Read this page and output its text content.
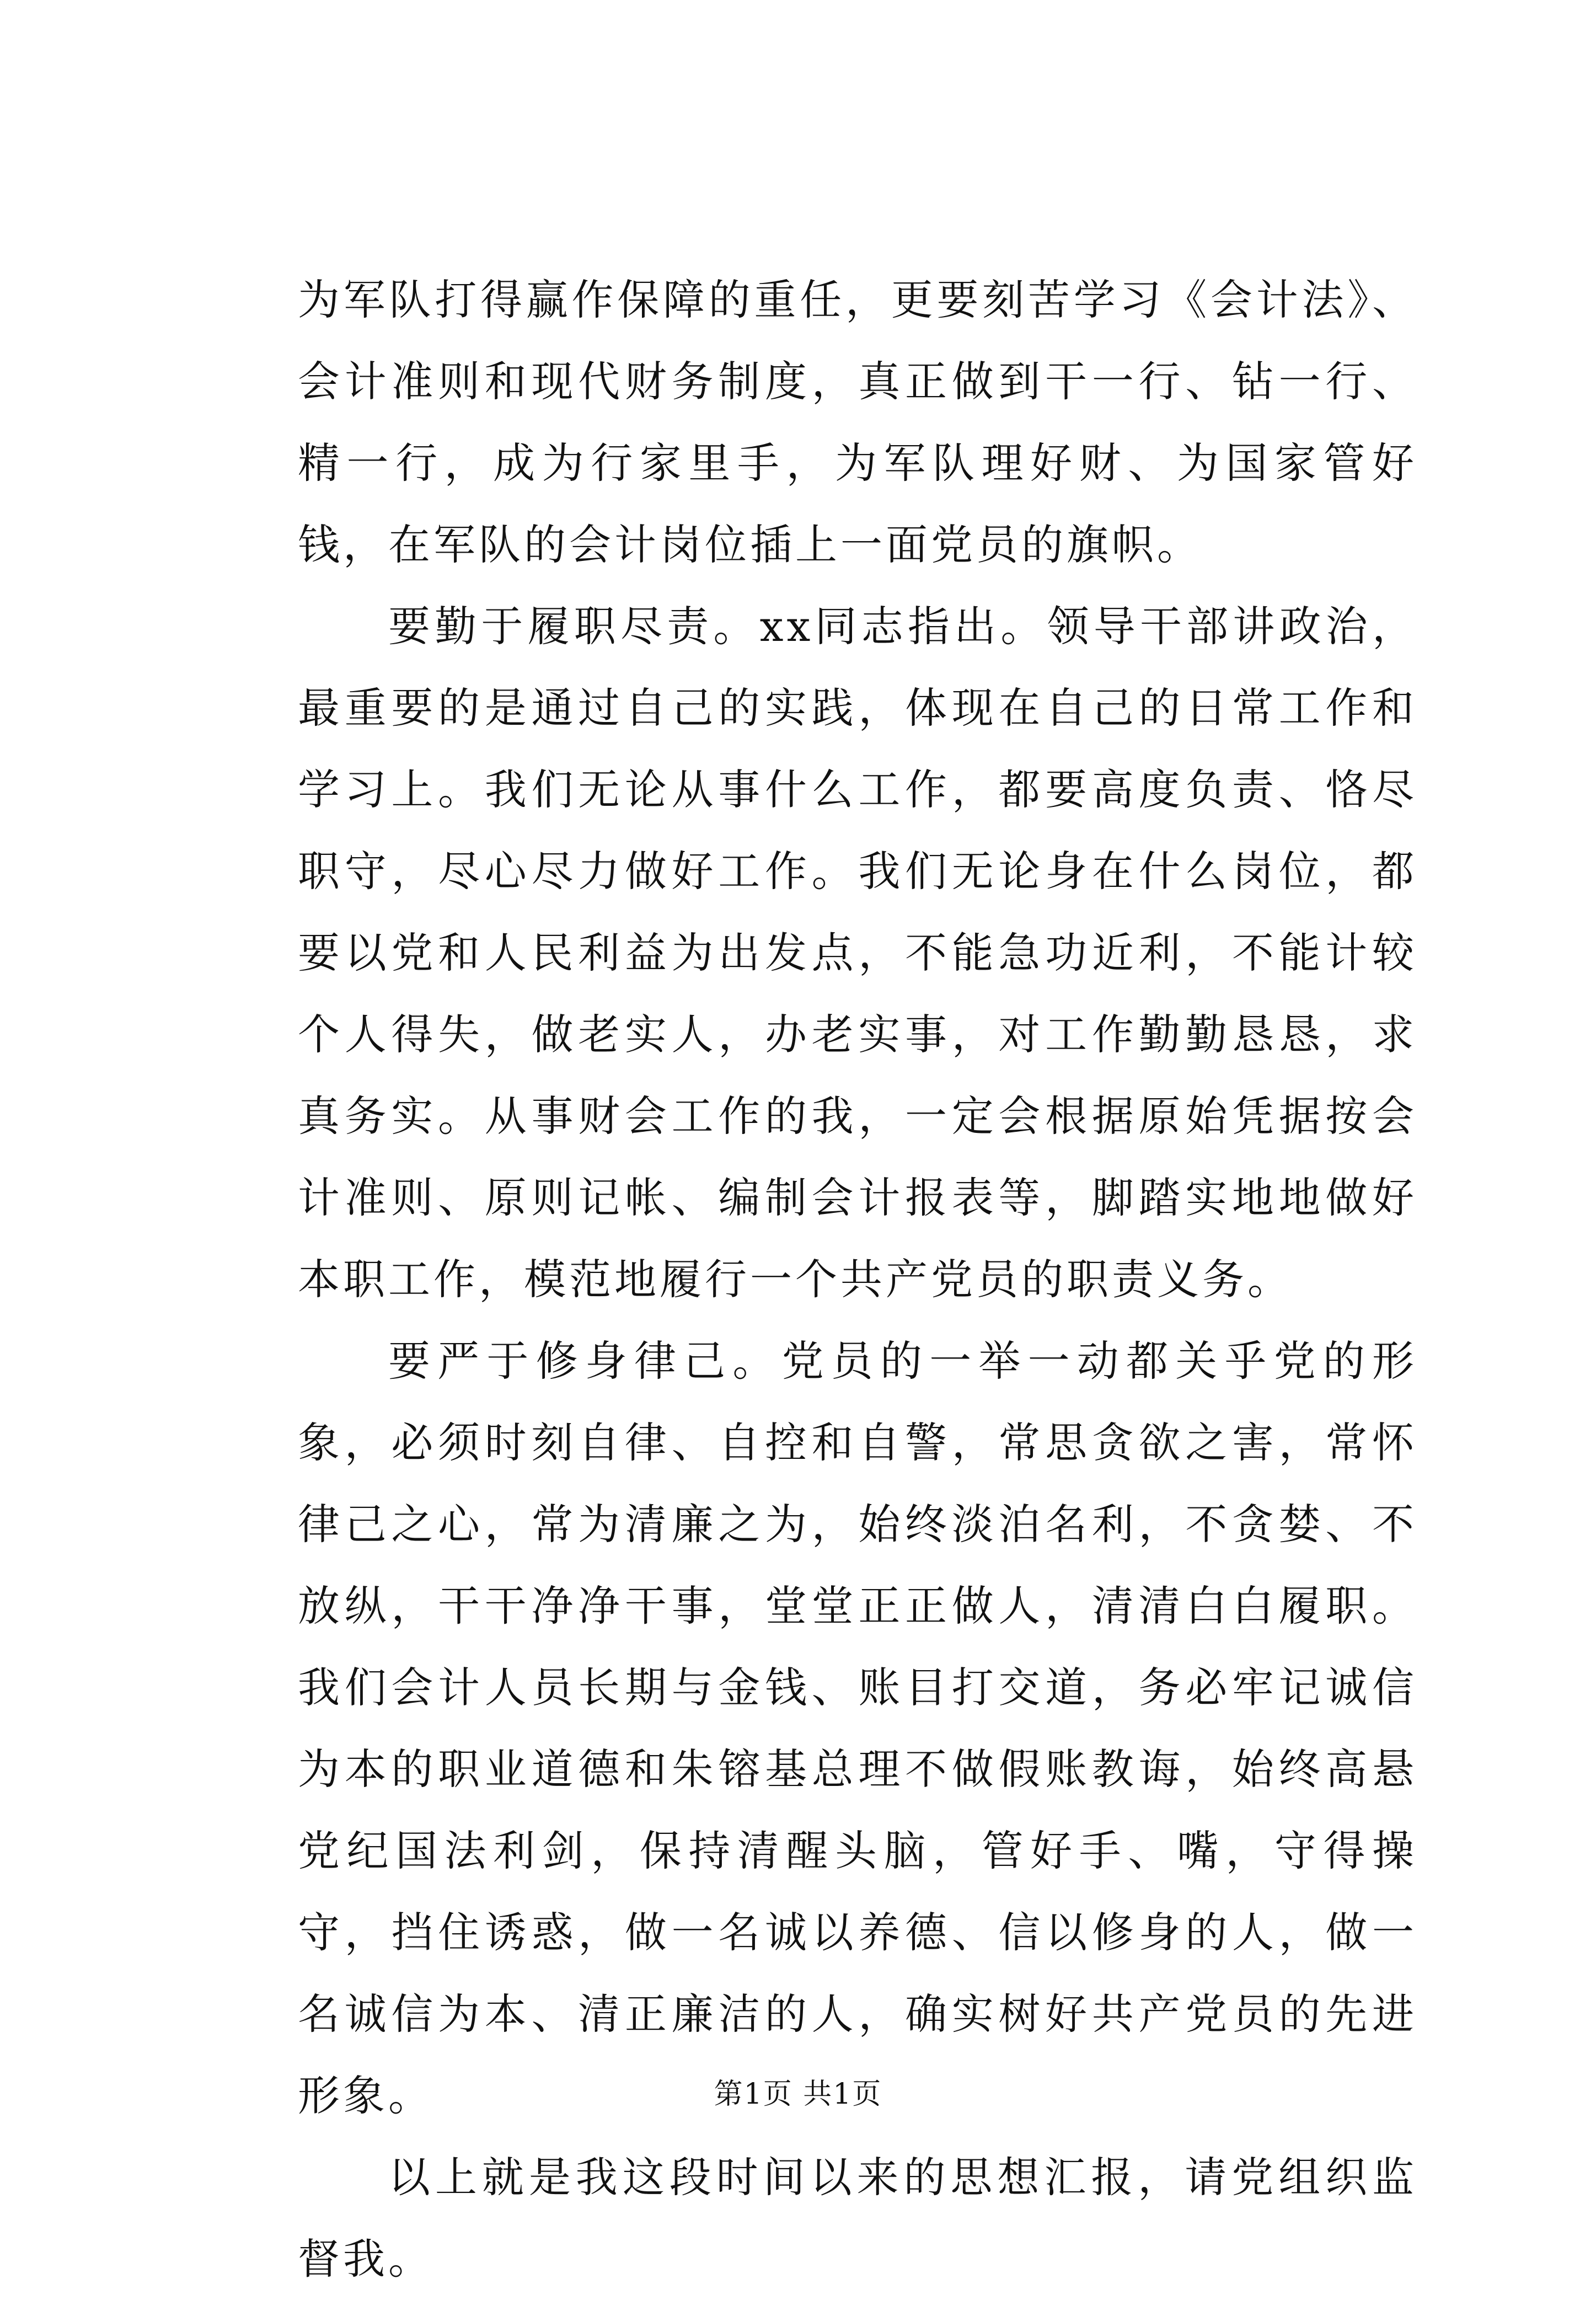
为军队打得赢作保障的重任，更要刻苦学习《会计法》、会计准则和现代财务制度，真正做到干一行、钻一行、精一行，成为行家里手，为军队理好财、为国家管好钱，在军队的会计岗位插上一面党员的旗帜。

要勤于履职尽责。xx同志指出。领导干部讲政治，最重要的是通过自己的实践，体现在自己的日常工作和学习上。我们无论从事什么工作，都要高度负责、恪尽职守，尽心尽力做好工作。我们无论身在什么岗位，都要以党和人民利益为出发点，不能急功近利，不能计较个人得失，做老实人，办老实事，对工作勤勤恳恳，求真务实。从事财会工作的我，一定会根据原始凭据按会计准则、原则记帐、编制会计报表等，脚踏实地地做好本职工作，模范地履行一个共产党员的职责义务。

要严于修身律己。党员的一举一动都关乎党的形象，必须时刻自律、自控和自警，常思贪欲之害，常怀律己之心，常为清廉之为，始终淡泊名利，不贪婪、不放纵，干干净净干事，堂堂正正做人，清清白白履职。我们会计人员长期与金钱、账目打交道，务必牢记诚信为本的职业道德和朱镕基总理不做假账教诲，始终高悬党纪国法利剑，保持清醒头脑，管好手、嘴，守得操守，挡住诱惑，做一名诚以养德、信以修身的人，做一名诚信为本、清正廉洁的人，确实树好共产党员的先进形象。

以上就是我这段时间以来的思想汇报，请党组织监督我。

第1页 共1页
